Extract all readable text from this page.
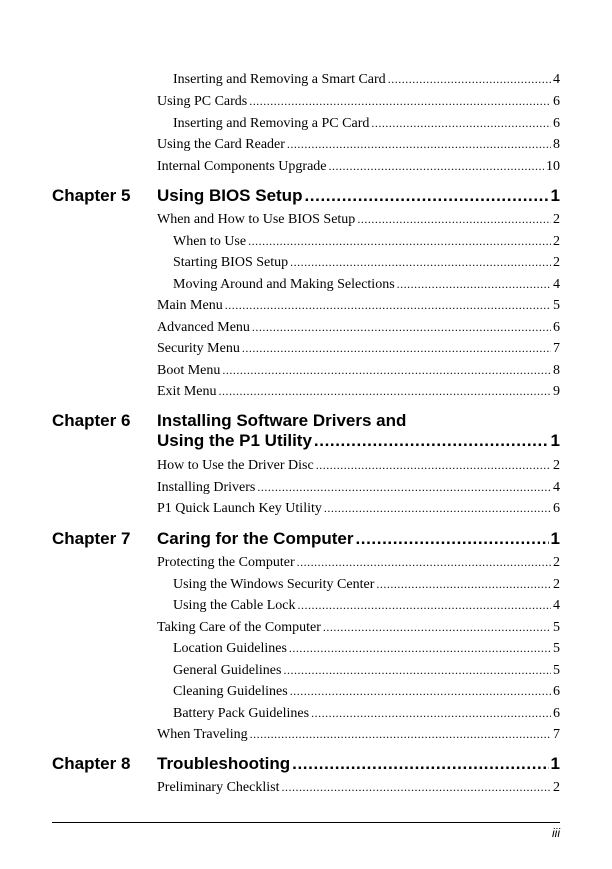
Inserting and Removing a Smart Card .....	4
Using PC Cards .....	6
Inserting and Removing a PC Card .....	6
Using the Card Reader .....	8
Internal Components Upgrade .....	10
Chapter 5 Using BIOS Setup .....	1
When and How to Use BIOS Setup .....	2
When to Use .....	2
Starting BIOS Setup .....	2
Moving Around and Making Selections .....	4
Main Menu .....	5
Advanced Menu .....	6
Security Menu .....	7
Boot Menu .....	8
Exit Menu .....	9
Chapter 6 Installing Software Drivers and
Using the P1 Utility .....	1
How to Use the Driver Disc .....	2
Installing Drivers .....	4
P1 Quick Launch Key Utility .....	6
Chapter 7 Caring for the Computer .....	1
Protecting the Computer .....	2
Using the Windows Security Center .....	2
Using the Cable Lock .....	4
Taking Care of the Computer .....	5
Location Guidelines .....	5
General Guidelines .....	5
Cleaning Guidelines .....	6
Battery Pack Guidelines .....	6
When Traveling .....	7
Chapter 8 Troubleshooting .....	1
Preliminary Checklist .....	2
iii
